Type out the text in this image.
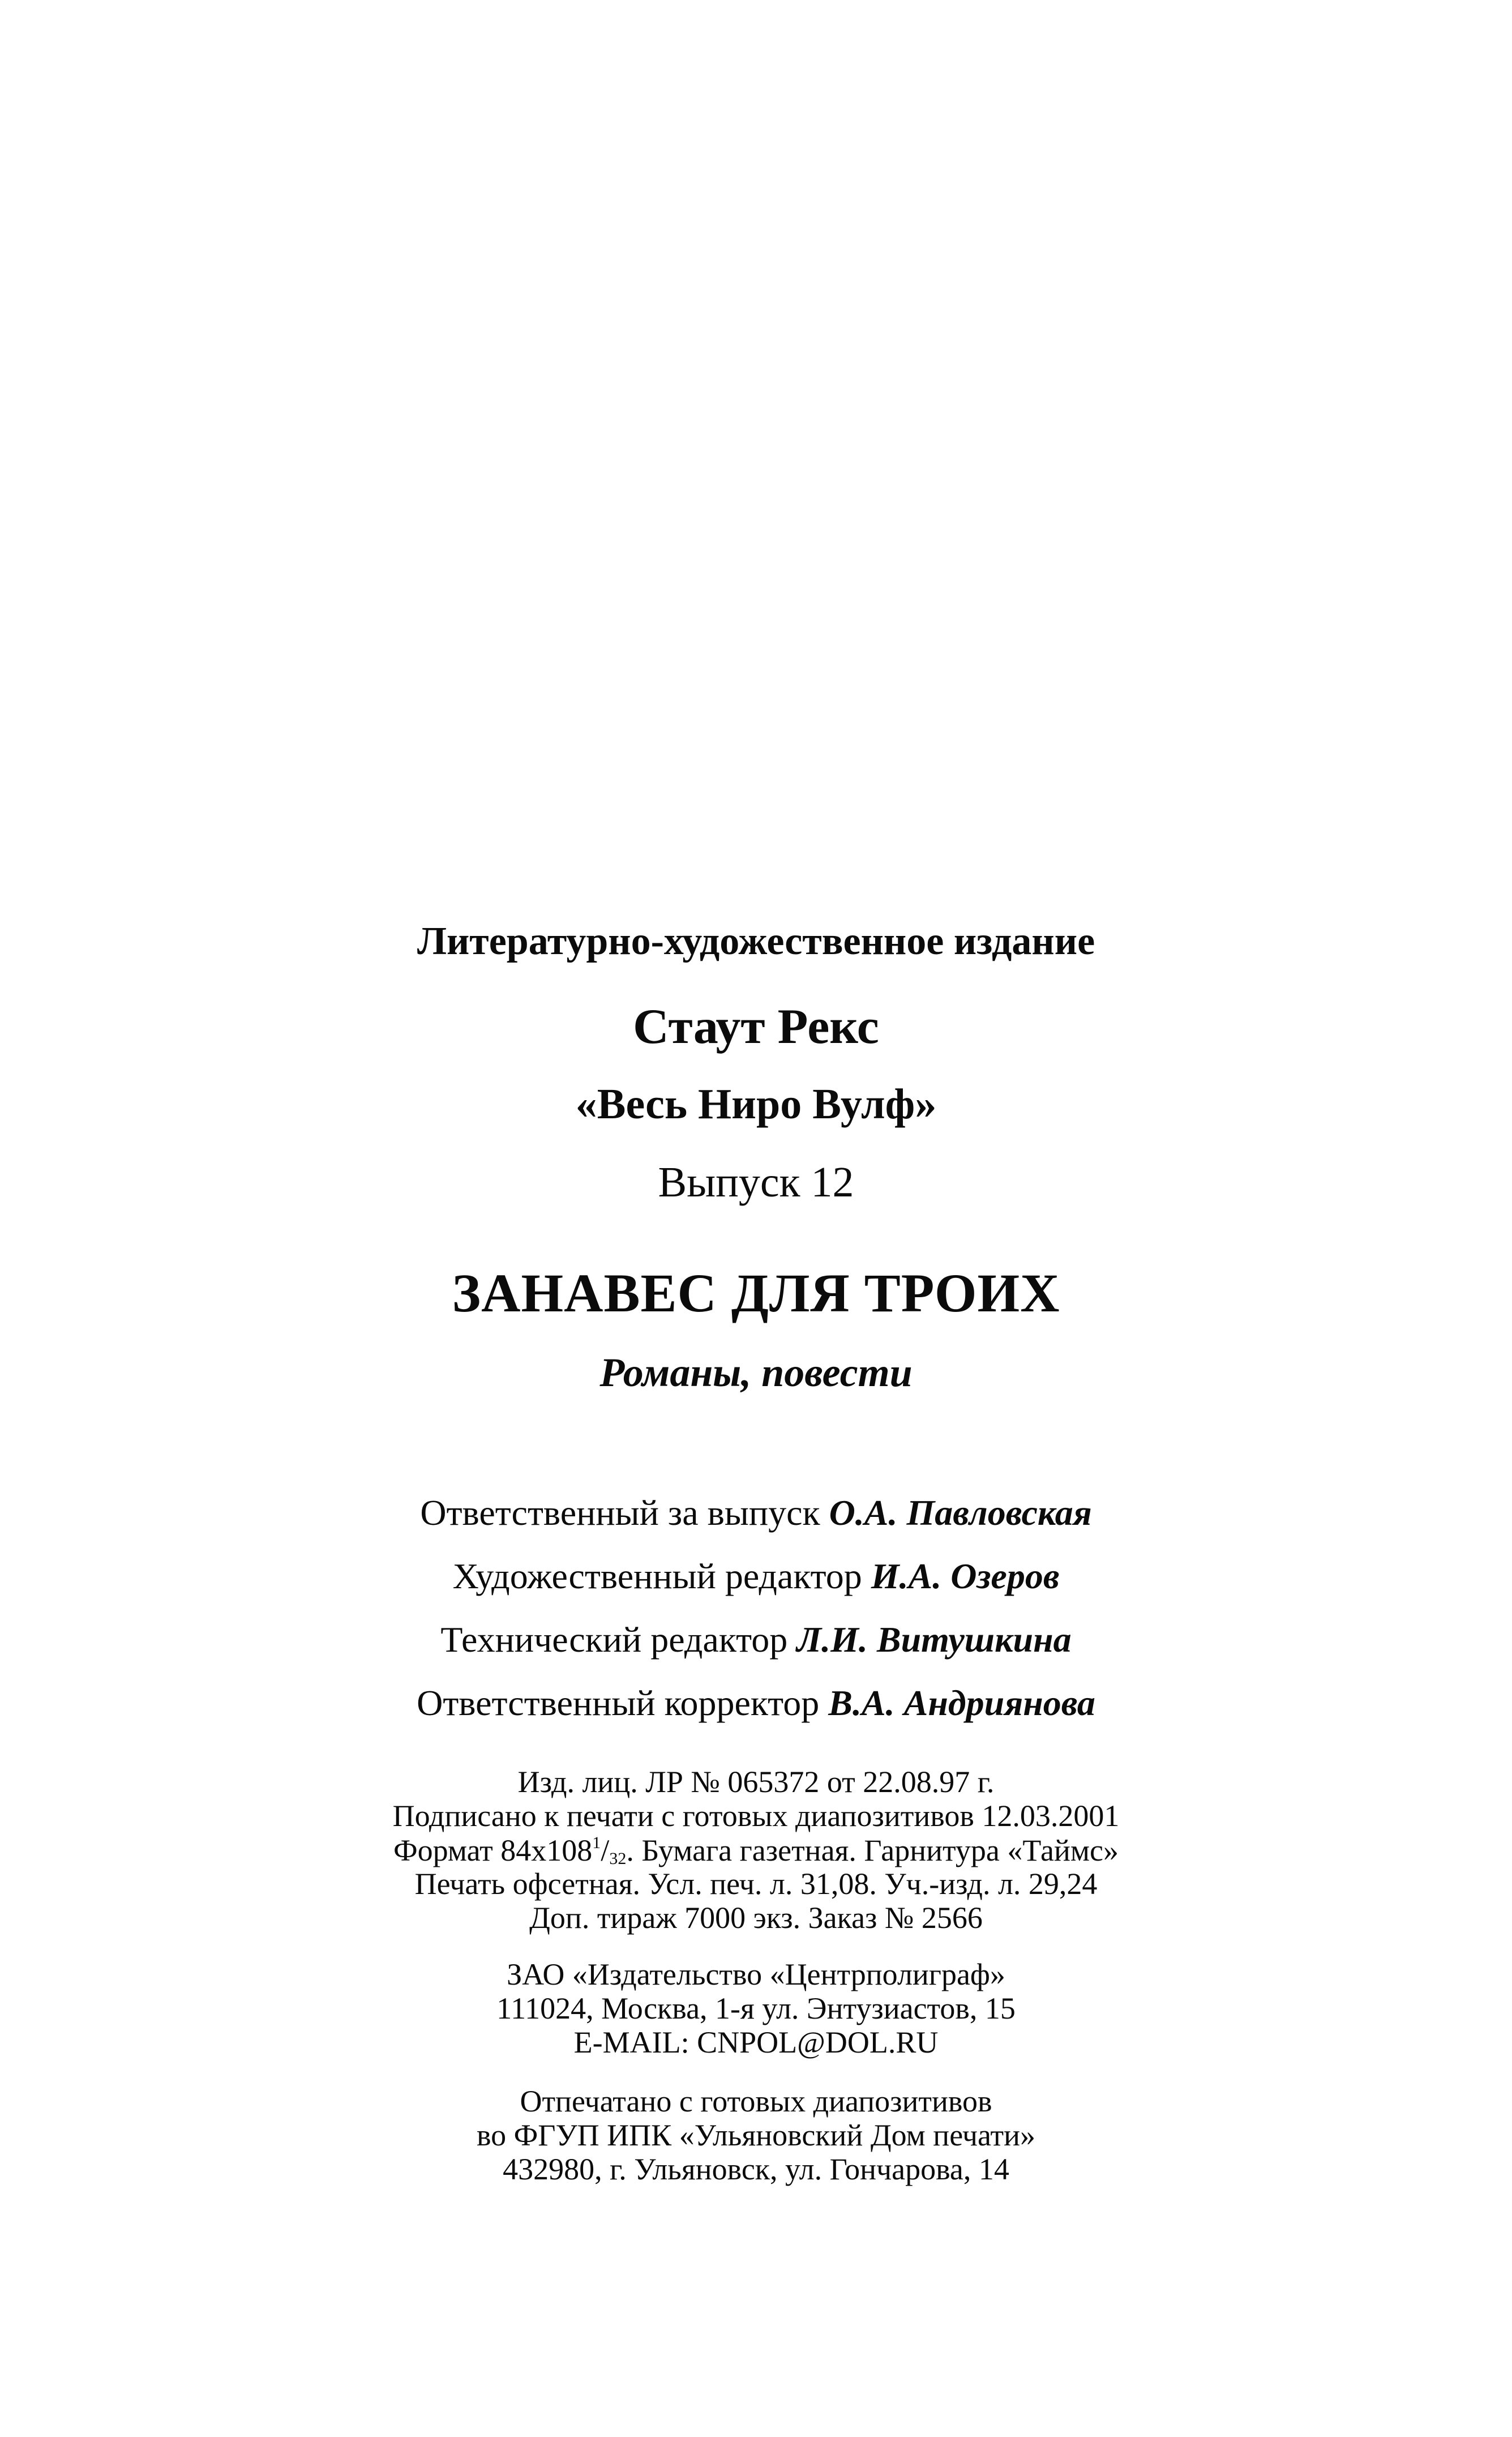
Литературно-художественное издание
Стаут Рекс
«Весь Ниро Вулф»
Выпуск 12
ЗАНАВЕС ДЛЯ ТРОИХ
Романы, повести
Ответственный за выпуск О.А. Павловская
Художественный редактор И.А. Озеров
Технический редактор Л.И. Витушкина
Ответственный корректор В.А. Андриянова
Изд. лиц. ЛР № 065372 от 22.08.97 г.
Подписано к печати с готовых диапозитивов 12.03.2001
Формат $84x108^1/_{32}$. Бумага газетная. Гарнитура «Таймс»
Печать офсетная. Усл. печ. л. 31,08. Уч.-изд. л. 29,24
Доп. тираж 7000 экз. Заказ № 2566
ЗАО «Издательство «Центрполиграф»
111024, Москва, 1-я ул. Энтузиастов, 15
E-MAIL: CNPOL@DOL.RU
Отпечатано с готовых диапозитивов
во ФГУП ИПК «Ульяновский Дом печати»
432980, г. Ульяновск, ул. Гончарова, 14
